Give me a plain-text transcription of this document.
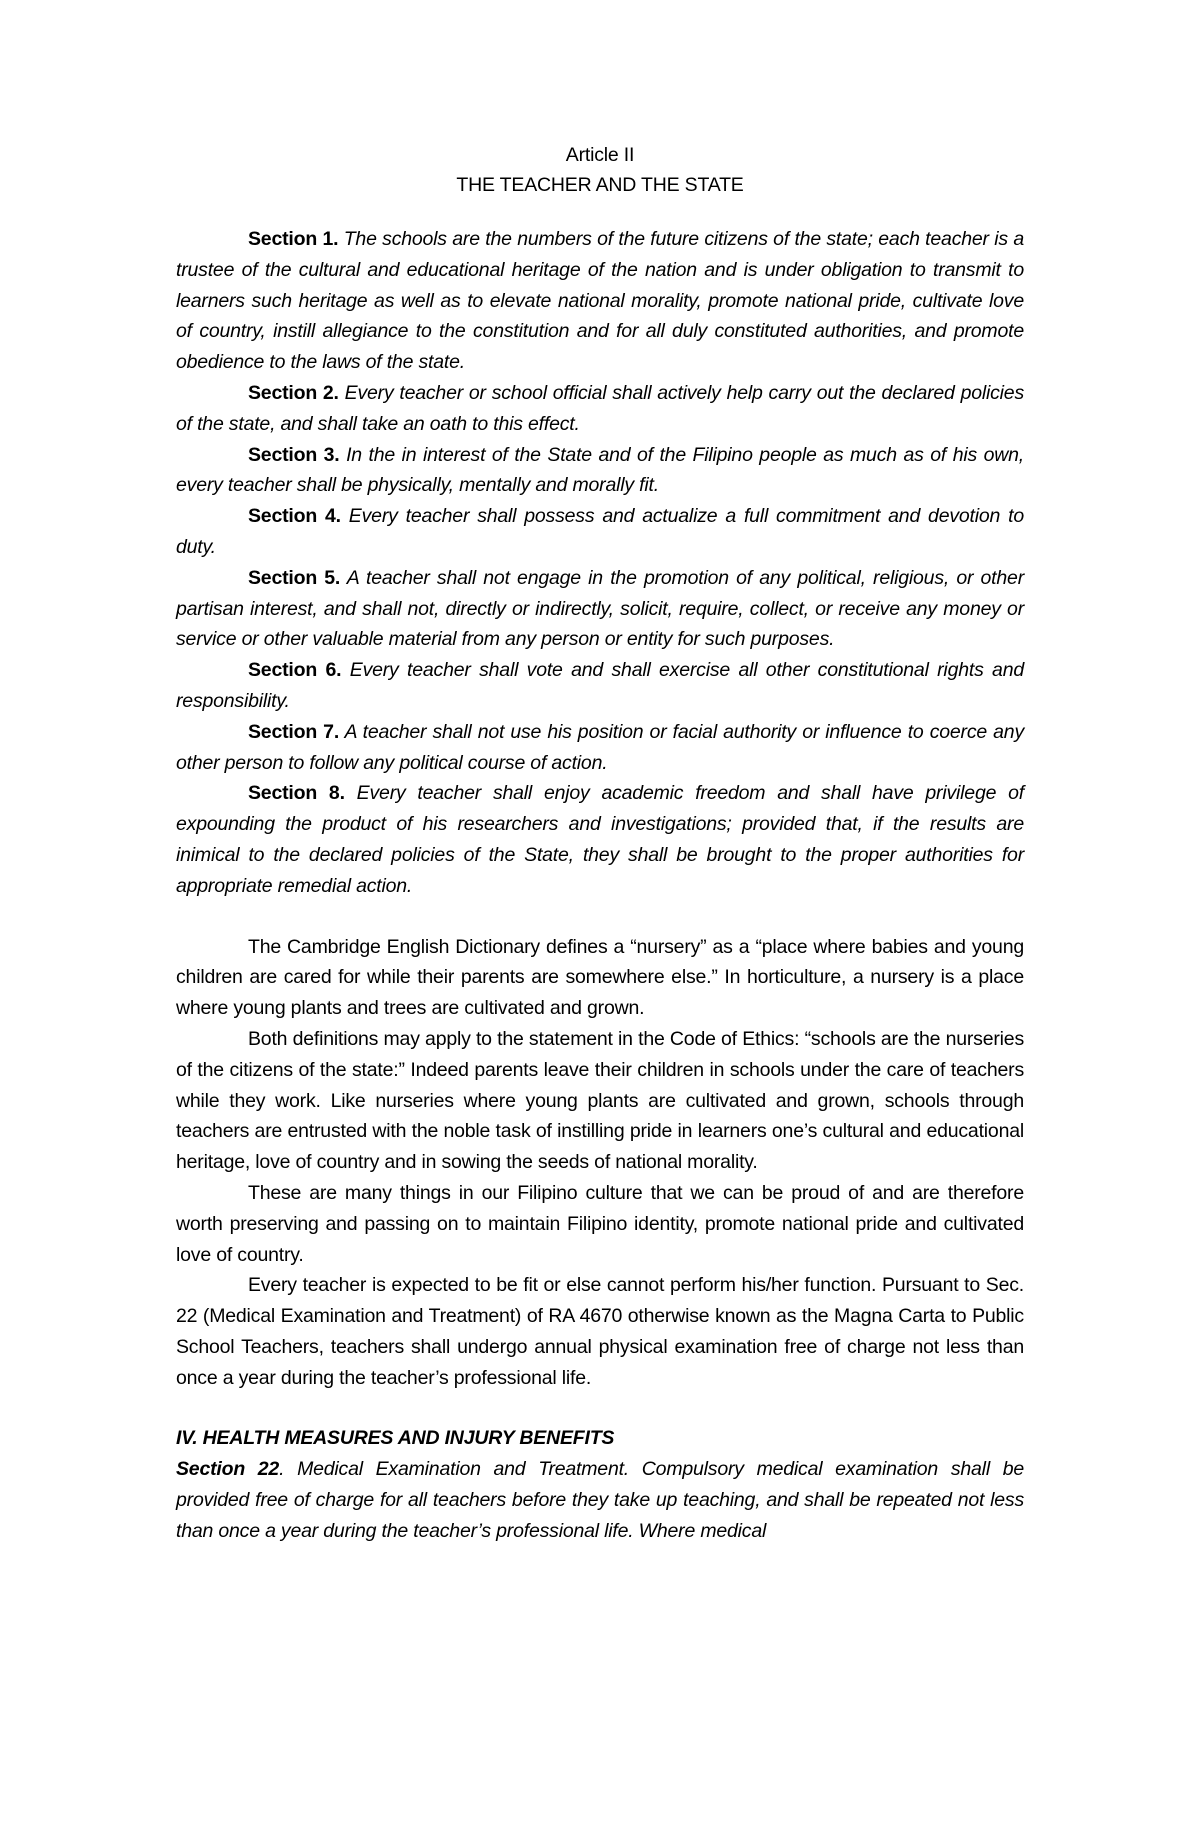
Article II
THE TEACHER AND THE STATE

Section 1. The schools are the numbers of the future citizens of the state; each teacher is a trustee of the cultural and educational heritage of the nation and is under obligation to transmit to learners such heritage as well as to elevate national morality, promote national pride, cultivate love of country, instill allegiance to the constitution and for all duly constituted authorities, and promote obedience to the laws of the state.

Section 2. Every teacher or school official shall actively help carry out the declared policies of the state, and shall take an oath to this effect.

Section 3. In the in interest of the State and of the Filipino people as much as of his own, every teacher shall be physically, mentally and morally fit.

Section 4. Every teacher shall possess and actualize a full commitment and devotion to duty.

Section 5. A teacher shall not engage in the promotion of any political, religious, or other partisan interest, and shall not, directly or indirectly, solicit, require, collect, or receive any money or service or other valuable material from any person or entity for such purposes.

Section 6. Every teacher shall vote and shall exercise all other constitutional rights and responsibility.

Section 7. A teacher shall not use his position or facial authority or influence to coerce any other person to follow any political course of action.

Section 8. Every teacher shall enjoy academic freedom and shall have privilege of expounding the product of his researchers and investigations; provided that, if the results are inimical to the declared policies of the State, they shall be brought to the proper authorities for appropriate remedial action.

The Cambridge English Dictionary defines a “nursery” as a “place where babies and young children are cared for while their parents are somewhere else.” In horticulture, a nursery is a place where young plants and trees are cultivated and grown.

Both definitions may apply to the statement in the Code of Ethics: “schools are the nurseries of the citizens of the state:” Indeed parents leave their children in schools under the care of teachers while they work. Like nurseries where young plants are cultivated and grown, schools through teachers are entrusted with the noble task of instilling pride in learners one’s cultural and educational heritage, love of country and in sowing the seeds of national morality.

These are many things in our Filipino culture that we can be proud of and are therefore worth preserving and passing on to maintain Filipino identity, promote national pride and cultivated love of country.

Every teacher is expected to be fit or else cannot perform his/her function. Pursuant to Sec. 22 (Medical Examination and Treatment) of RA 4670 otherwise known as the Magna Carta to Public School Teachers, teachers shall undergo annual physical examination free of charge not less than once a year during the teacher’s professional life.

IV. HEALTH MEASURES AND INJURY BENEFITS

Section 22. Medical Examination and Treatment. Compulsory medical examination shall be provided free of charge for all teachers before they take up teaching, and shall be repeated not less than once a year during the teacher’s professional life. Where medical
